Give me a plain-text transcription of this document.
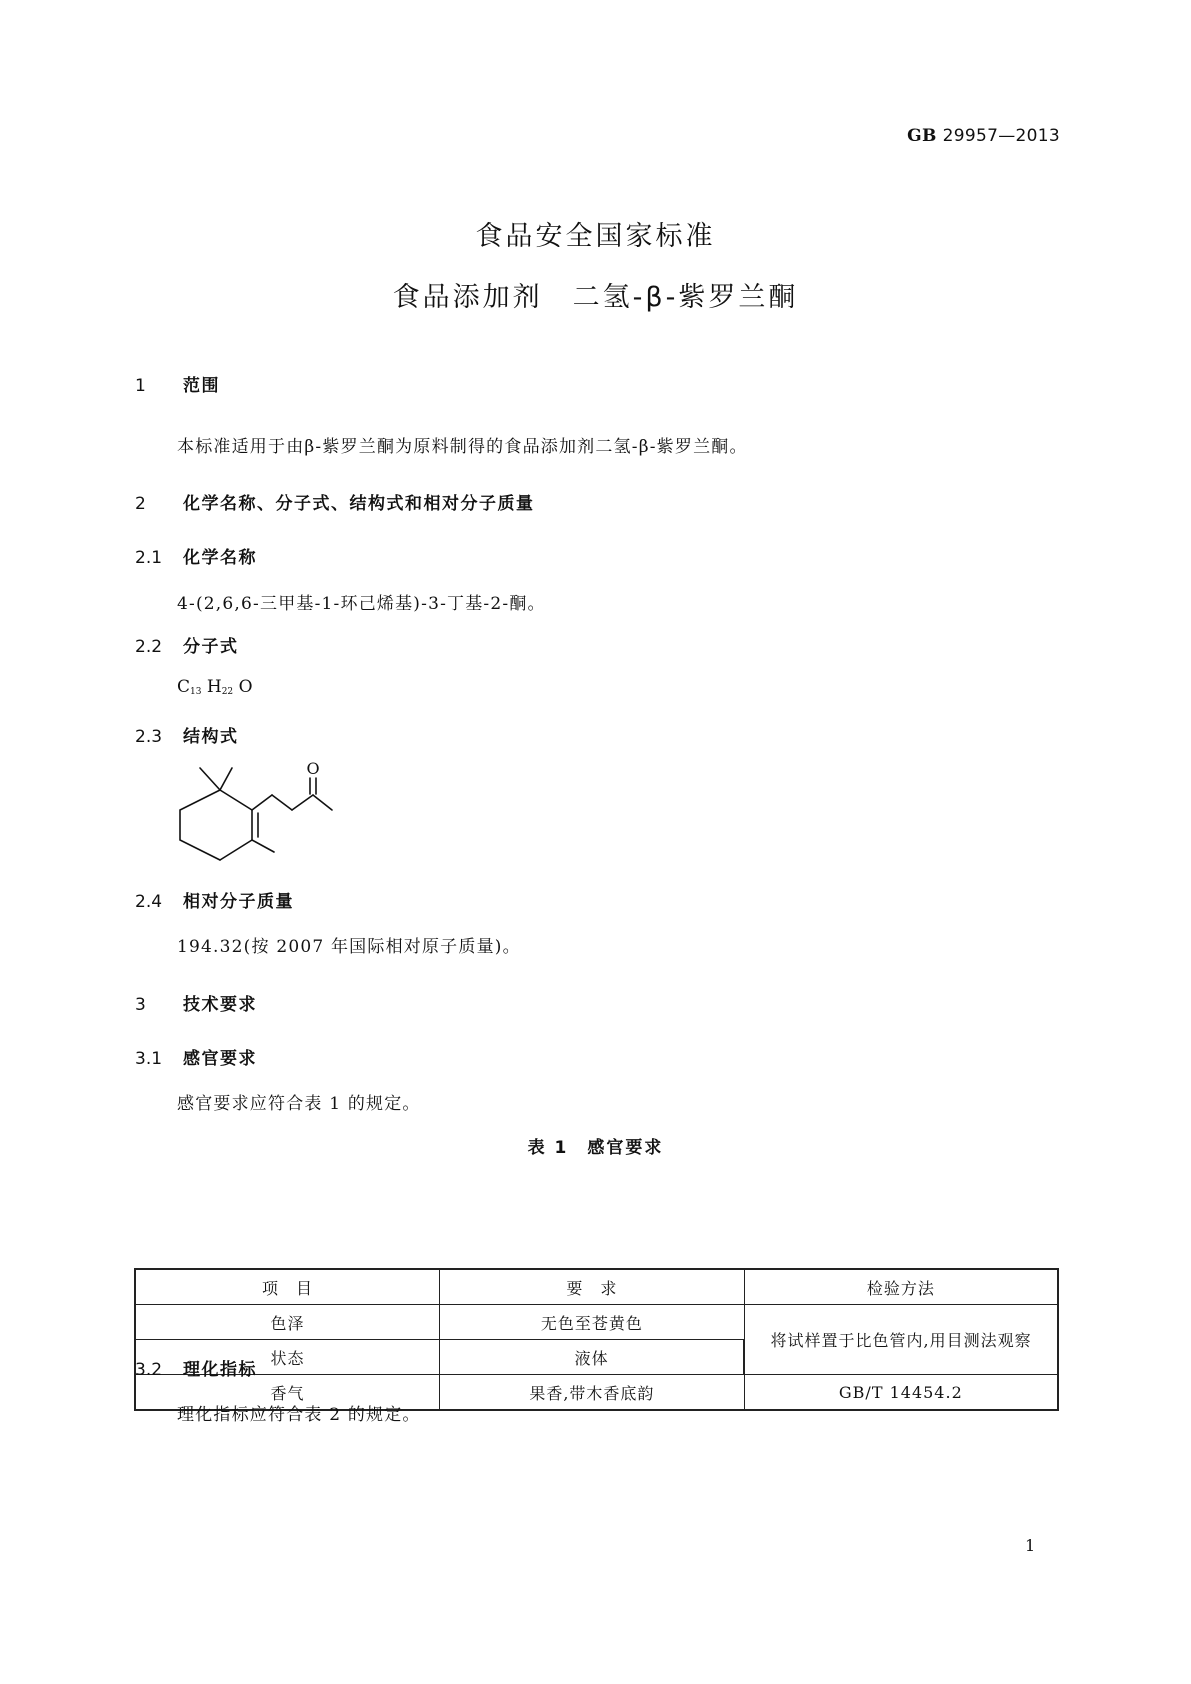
GB 29957—2013
食品安全国家标准
食品添加剂　二氢-β-紫罗兰酮
1 范围
本标准适用于由β-紫罗兰酮为原料制得的食品添加剂二氢-β-紫罗兰酮。
2 化学名称、分子式、结构式和相对分子质量
2.1 化学名称
4-(2,6,6-三甲基-1-环己烯基)-3-丁基-2-酮。
2.2 分子式
$C_{13}$ $H_{22}$ O
2.3 结构式
O
2.4 相对分子质量
194.32(按 2007 年国际相对原子质量)。
3 技术要求
3.1 感官要求
感官要求应符合表 1 的规定。
表 1　感官要求
项　目	要　求	检验方法
色泽	无色至苍黄色	将试样置于比色管内,用目测法观察
状态	液体	
香气	果香,带木香底韵	GB/T 14454.2
3.2 理化指标
理化指标应符合表 2 的规定。
1
